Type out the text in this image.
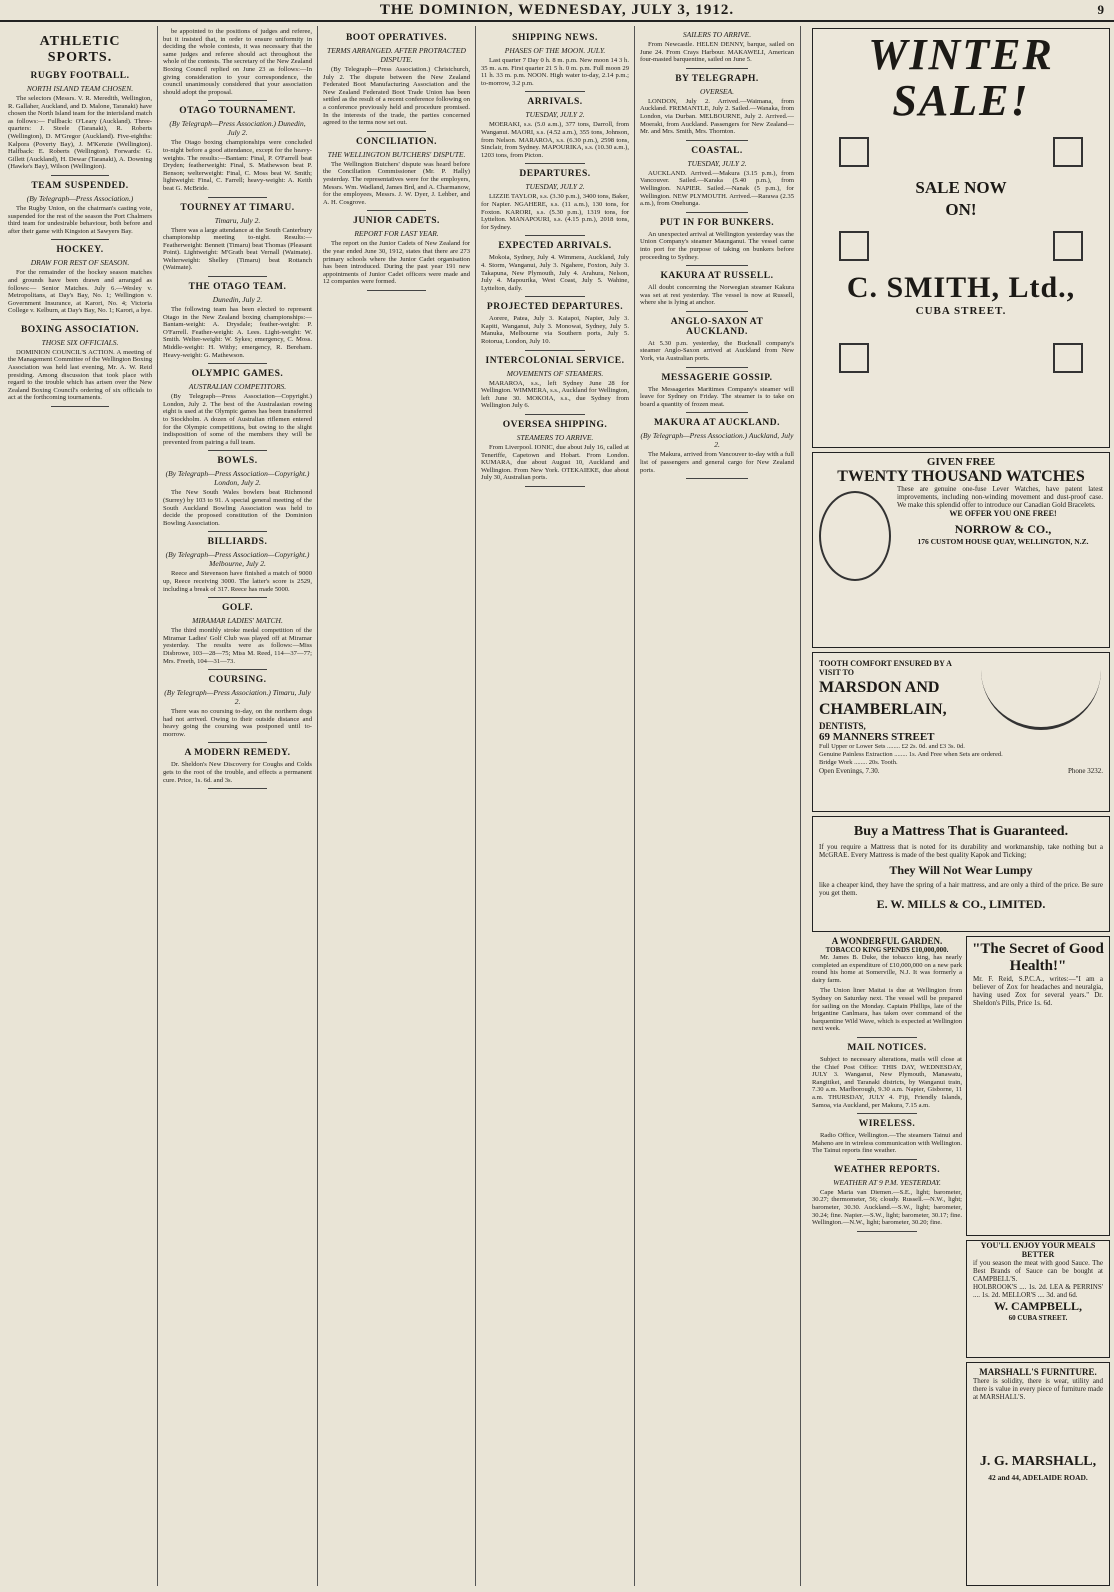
THE DOMINION, WEDNESDAY, JULY 3, 1912.	9
ATHLETIC SPORTS.
RUGBY FOOTBALL.
NORTH ISLAND TEAM CHOSEN.

The selectors (Messrs. V. R. Meredith, Wellington, R. Gallaher, Auckland, and D. Malone, Taranaki) have chosen the North Island team for the interisland match as follows:— Fullback: O'Leary (Auckland). Three-quarters: J. Steele (Taranaki), R. Roberts (Wellington), D. M'Gregor (Auckland). Five-eighths: Kalpora (Poverty Bay), J. M'Kenzie (Wellington). Halfback: E. Roberts (Wellington). Forwards: G. Gillett (Auckland), H. Dewar (Taranaki), A. Downing (Hawke's Bay), Wilson (Wellington).

TEAM SUSPENDED.
(By Telegraph—Press Association.)

The Rugby Union, on the chairman's casting vote, suspended for the rest of the season the Port Chalmers third team for undesirable behaviour, both before and after their game with Kingston at Sawyers Bay.

HOCKEY.
DRAW FOR REST OF SEASON.

For the remainder of the hockey season matches and grounds have been drawn and arranged as follows:— Senior Matches. July 6.—Wesley v. Metropolitans, at Day's Bay, No. 1; Wellington v. Government Insurance, at Karori, No. 4; Victoria College v. Kelburn, at Day's Bay, No. 1; Karori, a bye.

BOXING ASSOCIATION.
THOSE SIX OFFICIALS.

DOMINION COUNCIL'S ACTION. A meeting of the Management Committee of the Wellington Boxing Association was held last evening, Mr. A. W. Reid presiding. Among discussion that took place with regard to the trouble which has arisen over the New Zealand Boxing Council's ordering of six officials to act at the forthcoming tournaments.

be appointed to the positions of judges and referee, but it insisted that, in order to ensure uniformity in deciding the whole contests, it was necessary that the same judges and referee should act throughout the whole of the contests. The secretary of the New Zealand Boxing Council replied on June 23 as follows:—In giving consideration to your correspondence, the council unanimously considered that your association should adopt the proposal.

OTAGO TOURNAMENT.
(By Telegraph—Press Association.) Dunedin, July 2.

The Otago boxing championships were concluded to-night before a good attendance, except for the heavy-weights. The results:—Bantam: Final, P. O'Farrell beat Dryden; featherweight: Final, S. Mathewson beat P. Benson; welterweight: Final, C. Moss beat W. Smith; lightweight: Final, C. Farrell; heavy-weight: A. Keith beat G. McBride.

TOURNEY AT TIMARU.
Timaru, July 2.

There was a large attendance at the South Canterbury championship meeting to-night. Results:—Featherweight: Bennett (Timaru) beat Thomas (Pleasant Point). Lightweight: M'Grath beat Vernall (Waimate). Welterweight: Shelley (Timaru) beat Rottanch (Waimate).

THE OTAGO TEAM.
Dunedin, July 2.

The following team has been elected to represent Otago in the New Zealand boxing championships:—Bantam-weight: A. Drysdale; feather-weight: P. O'Farrell. Feather-weight: A. Lees. Light-weight: W. Smith. Welter-weight: W. Sykes; emergency, C. Moss. Middle-weight: H. Withy; emergency, R. Bereham. Heavy-weight: G. Mathewson.

OLYMPIC GAMES.
AUSTRALIAN COMPETITORS.

(By Telegraph—Press Association—Copyright.) London, July 2. The best of the Australasian rowing eight is used at the Olympic games has been transferred to Stockholm. A dozen of Australian riflemen entered for the Olympic competitions, but owing to the slight indisposition of some of the members they will be prevented from pairing a full team.

BOWLS.
(By Telegraph—Press Association—Copyright.) London, July 2.

The New South Wales bowlers beat Richmond (Surrey) by 103 to 91. A special general meeting of the South Auckland Bowling Association was held to decide the proposed constitution of the Dominion Bowling Association.

BILLIARDS.
(By Telegraph—Press Association—Copyright.) Melbourne, July 2.

Reece and Stevenson have finished a match of 9000 up, Reece receiving 3000. The latter's score is 2529, including a break of 317. Reece has made 5000.

GOLF.
MIRAMAR LADIES' MATCH.

The third monthly stroke medal competition of the Miramar Ladies' Golf Club was played off at Miramar yesterday. The results were as follows:—Miss Disbrowe, 103—28—75; Miss M. Reed, 114—37—77; Mrs. Freeth, 104—31—73.

COURSING.
(By Telegraph—Press Association.) Timaru, July 2.

There was no coursing to-day, on the northern dogs had not arrived. Owing to their outside distance and heavy going the coursing was postponed until to-morrow.

A MODERN REMEDY.

Dr. Sheldon's New Discovery for Coughs and Colds gets to the root of the trouble, and effects a permanent cure. Price, 1s. 6d. and 3s.

BOOT OPERATIVES.
TERMS ARRANGED. AFTER PROTRACTED DISPUTE.

(By Telegraph—Press Association.) Christchurch, July 2. The dispute between the New Zealand Federated Boot Manufacturing Association and the New Zealand Federated Boot Trade Union has been settled as the result of a recent conference following on a conference previously held and procedure promised. In the interests of the trade, the parties concerned agreed to the terms now set out.

CONCILIATION.
THE WELLINGTON BUTCHERS' DISPUTE.

The Wellington Butchers' dispute was heard before the Conciliation Commissioner (Mr. P. Hally) yesterday. The representatives were for the employers, Messrs. Wm. Wadland, James Brd, and A. Charmanow, for the employees, Messrs. J. W. Dyer, J. Lehber, and A. H. Cosgrove.

JUNIOR CADETS.
REPORT FOR LAST YEAR.

The report on the Junior Cadets of New Zealand for the year ended June 30, 1912, states that there are 273 primary schools where the Junior Cadet organisation has been introduced. During the past year 191 new appointments of Junior Cadet officers were made and 12 companies were formed.

SHIPPING NEWS.
PHASES OF THE MOON. JULY.

Last quarter 7 Day 0 h. 8 m. p.m. New moon 14 3 h. 35 m. a.m. First quarter 21 5 h. 0 m. p.m. Full moon 29 11 h. 33 m. p.m. NOON. High water to-day, 2.14 p.m.; to-morrow, 3.2 p.m.

ARRIVALS.
TUESDAY, JULY 2.

MOERAKI, s.s. (5.0 a.m.), 377 tons, Darroll, from Wanganui. MAORI, s.s. (4.52 a.m.), 355 tons, Johnson, from Nelson. MARAROA, s.s. (6.30 p.m.), 2598 tons, Sinclair, from Sydney. MAPOURIKA, s.s. (10.30 a.m.), 1203 tons, from Picton.

DEPARTURES.
TUESDAY, JULY 2.

LIZZIE TAYLOR, s.s. (3.30 p.m.), 3400 tons, Baker, for Napier. NGAHERE, s.s. (11 a.m.), 130 tons, for Foxton. KARORI, s.s. (5.30 p.m.), 1319 tons, for Lyttelton. MANAPOURI, s.s. (4.15 p.m.), 2018 tons, for Sydney.

EXPECTED ARRIVALS.

Mokoia, Sydney, July 4. Wimmera, Auckland, July 4. Storm, Wanganui, July 3. Ngahere, Foxton, July 3. Takapuna, New Plymouth, July 4. Arahura, Nelson, July 4. Mapourika, West Coast, July 5. Wahine, Lyttelton, daily.

PROJECTED DEPARTURES.

Aorere, Patea, July 3. Kaiapoi, Napier, July 3. Kapiti, Wanganui, July 3. Monowai, Sydney, July 5. Manuka, Melbourne via Southern ports, July 5. Rotorua, London, July 10.

INTERCOLONIAL SERVICE.
MOVEMENTS OF STEAMERS.

MARAROA, s.s., left Sydney June 28 for Wellington. WIMMERA, s.s., Auckland for Wellington, left June 30. MOKOIA, s.s., due Sydney from Wellington July 6.

OVERSEA SHIPPING.
STEAMERS TO ARRIVE.

From Liverpool. IONIC, due about July 16, called at Teneriffe, Capetown and Hobart. From London. KUMARA, due about August 10, Auckland and Wellington. From New York. OTEKAIEKE, due about July 30, Australian ports.

SAILERS TO ARRIVE.

From Newcastle. HELEN DENNY, barque, sailed on June 24. From Crays Harbour. MAKAWELI, American four-masted barquentine, sailed on June 5.

BY TELEGRAPH.
OVERSEA.

LONDON, July 2. Arrived.—Waimana, from Auckland. FREMANTLE, July 2. Sailed.—Wanaka, from London, via Durban. MELBOURNE, July 2. Arrived.—Moeraki, from Auckland. Passengers for New Zealand—Mr. and Mrs. Smith, Mrs. Thornton.

COASTAL.
TUESDAY, JULY 2.

AUCKLAND. Arrived.—Makura (3.15 p.m.), from Vancouver. Sailed.—Karaka (5.40 p.m.), from Wellington. NAPIER. Sailed.—Nanak (5 p.m.), for Wellington. NEW PLYMOUTH. Arrived.—Rarawa (2.35 a.m.), from Onehunga.

PUT IN FOR BUNKERS.

An unexpected arrival at Wellington yesterday was the Union Company's steamer Maunganui. The vessel came into port for the purpose of taking on bunkers before proceeding to Sydney.

KAKURA AT RUSSELL.

All doubt concerning the Norwegian steamer Kakura was set at rest yesterday. The vessel is now at Russell, where she is lying at anchor.

ANGLO-SAXON AT AUCKLAND.

At 5.30 p.m. yesterday, the Bucknall company's steamer Anglo-Saxon arrived at Auckland from New York, via Australian ports.

MESSAGERIE GOSSIP.

The Messageries Maritimes Company's steamer will leave for Sydney on Friday. The steamer is to take on board a quantity of frozen meat.

MAKURA AT AUCKLAND.
(By Telegraph—Press Association.) Auckland, July 2.

The Makura, arrived from Vancouver to-day with a full list of passengers and general cargo for New Zealand ports.

WINTER
SALE!
SALE NOW ON!
C. SMITH, Ltd.,
CUBA STREET.
GIVEN FREE
TWENTY THOUSAND WATCHES
These are genuine one-fuse Lever Watches, have patent latest improvements, including non-winding movement and dust-proof case. We make this splendid offer to introduce our Canadian Gold Bracelets.
WE OFFER YOU ONE FREE!
NORROW & CO.,
176 CUSTOM HOUSE QUAY, WELLINGTON, N.Z.
TOOTH COMFORT ENSURED BY A VISIT TO
MARSDON AND
CHAMBERLAIN,
DENTISTS,
69 MANNERS STREET
Full Upper or Lower Sets ........ £2 2s. 0d. and £3 3s. 0d.
Genuine Painless Extraction ........ 1s. And Free when Sets are ordered.
Bridge Work ........ 20s. Tooth.
Open Evenings, 7.30.	Phone 3232.
Buy a Mattress That is Guaranteed.
If you require a Mattress that is noted for its durability and workmanship, take nothing but a McGRAE. Every Mattress is made of the best quality Kapok and Ticking;
They Will Not Wear Lumpy
like a cheaper kind, they have the spring of a hair mattress, and are only a third of the price. Be sure you get them.
E. W. MILLS & CO., LIMITED.
A WONDERFUL GARDEN.
TOBACCO KING SPENDS £10,000,000.

Mr. James B. Duke, the tobacco king, has nearly completed an expenditure of £10,000,000 on a new park round his home at Somerville, N.J. It was formerly a dairy farm.

The Union liner Maitai is due at Wellington from Sydney on Saturday next. The vessel will be prepared for sailing on the Monday. Captain Phillips, late of the brigantine Canlmara, has taken over command of the barquentine Wild Wave, which is expected at Wellington next week.

MAIL NOTICES.

Subject to necessary alterations, mails will close at the Chief Post Office: THIS DAY, WEDNESDAY, JULY 3. Wanganui, New Plymouth, Manawatu, Rangitikei, and Taranaki districts, by Wanganui train, 7.30 a.m. Marlborough, 9.30 a.m. Napier, Gisborne, 11 a.m. THURSDAY, JULY 4. Fiji, Friendly Islands, Samoa, via Auckland, per Makura, 7.15 a.m.

WIRELESS.

Radio Office, Wellington.—The steamers Tainui and Maheno are in wireless communication with Wellington. The Tainui reports fine weather.

WEATHER REPORTS.
WEATHER AT 9 P.M. YESTERDAY.

Cape Maria van Diemen.—S.E., light; barometer, 30.27; thermometer, 56; cloudy. Russell.—N.W., light; barometer, 30.30. Auckland.—S.W., light; barometer, 30.24; fine. Napier.—S.W., light; barometer, 30.17; fine. Wellington.—N.W., light; barometer, 30.20; fine.

"The Secret of Good Health!"
Mr. F. Reid, S.P.C.A., writes:—"I am a believer of Zox for headaches and neuralgia, having used Zox for several years." Dr. Sheldon's Pills, Price 1s. 6d.
YOU'LL ENJOY YOUR MEALS BETTER
if you season the meat with good Sauce. The Best Brands of Sauce can be bought at CAMPBELL'S.
HOLBROOK'S .... 1s. 2d. LEA & PERRINS' .... 1s. 2d. MELLOR'S .... 3d. and 6d.
W. CAMPBELL,
60 CUBA STREET.
MARSHALL'S FURNITURE.
There is solidity, there is wear, utility and there is value in every piece of furniture made at MARSHALL'S.
J. G. MARSHALL,
42 and 44, ADELAIDE ROAD.
